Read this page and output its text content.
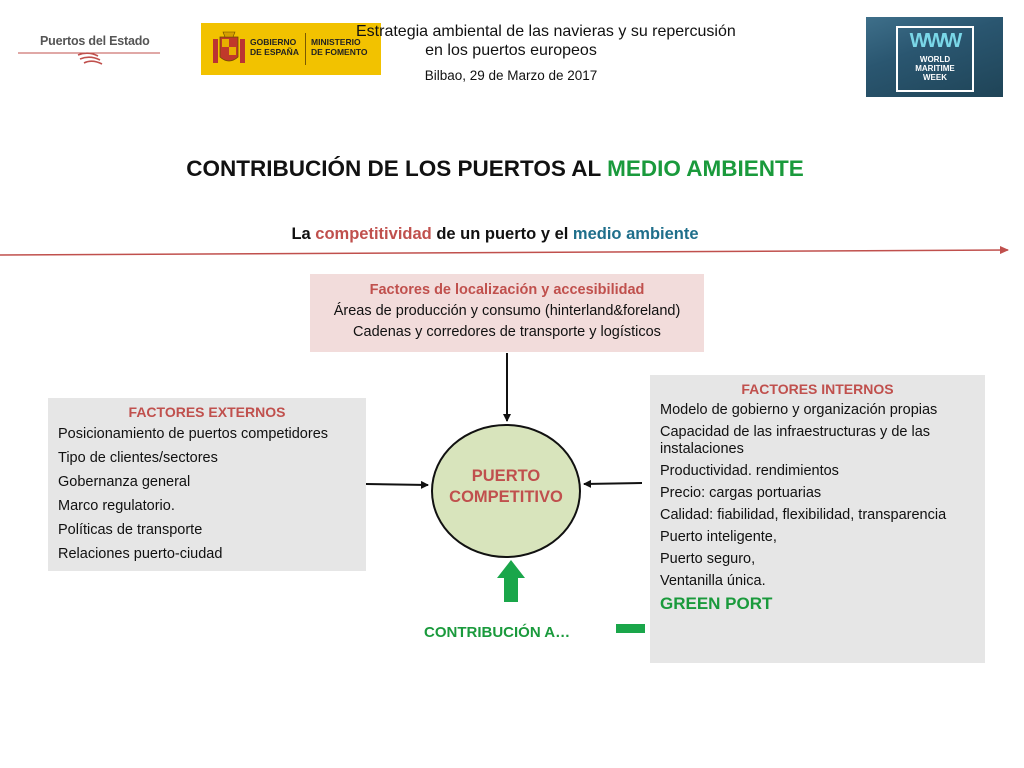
Puertos del Estado	GOBIERNO
DE ESPAÑA
MINISTERIO
DE FOMENTO
Estrategia ambiental de las navieras y su repercusión
en los puertos europeos
Bilbao, 29 de Marzo de 2017
WWW
WORLD
MARITIME
WEEK
CONTRIBUCIÓN DE LOS PUERTOS AL MEDIO AMBIENTE
La competitividad de un puerto y el medio ambiente
Factores de localización y accesibilidad
Áreas de producción y consumo (hinterland&foreland)
Cadenas y corredores de transporte y logísticos
FACTORES EXTERNOS
Posicionamiento de puertos competidores
Tipo de clientes/sectores
Gobernanza general
Marco regulatorio.
Políticas de transporte
Relaciones puerto-ciudad
FACTORES INTERNOS
Modelo de gobierno y organización propias
Capacidad de las infraestructuras y de las instalaciones
Productividad. rendimientos
Precio: cargas portuarias
Calidad: fiabilidad, flexibilidad, transparencia
Puerto inteligente,
Puerto seguro,
Ventanilla única.
GREEN PORT
PUERTO
COMPETITIVO
CONTRIBUCIÓN A…
